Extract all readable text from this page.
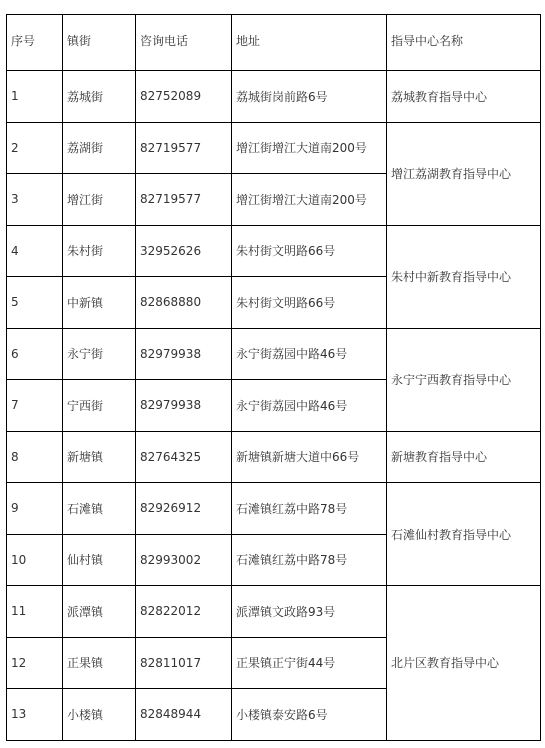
序号	镇街	咨询电话	地址	指导中心名称
1	荔城街	82752089	荔城街岗前路6号	荔城教育指导中心
2	荔湖街	82719577	增江街增江大道南200号	增江荔湖教育指导中心
3	增江街	82719577	增江街增江大道南200号	
4	朱村街	32952626	朱村街文明路66号	朱村中新教育指导中心
5	中新镇	82868880	朱村街文明路66号	
6	永宁街	82979938	永宁街荔园中路46号	永宁宁西教育指导中心
7	宁西街	82979938	永宁街荔园中路46号	
8	新塘镇	82764325	新塘镇新塘大道中66号	新塘教育指导中心
9	石滩镇	82926912	石滩镇红荔中路78号	石滩仙村教育指导中心
10	仙村镇	82993002	石滩镇红荔中路78号	
11	派潭镇	82822012	派潭镇文政路93号	北片区教育指导中心
12	正果镇	82811017	正果镇正宁街44号	
13	小楼镇	82848944	小楼镇泰安路6号	
